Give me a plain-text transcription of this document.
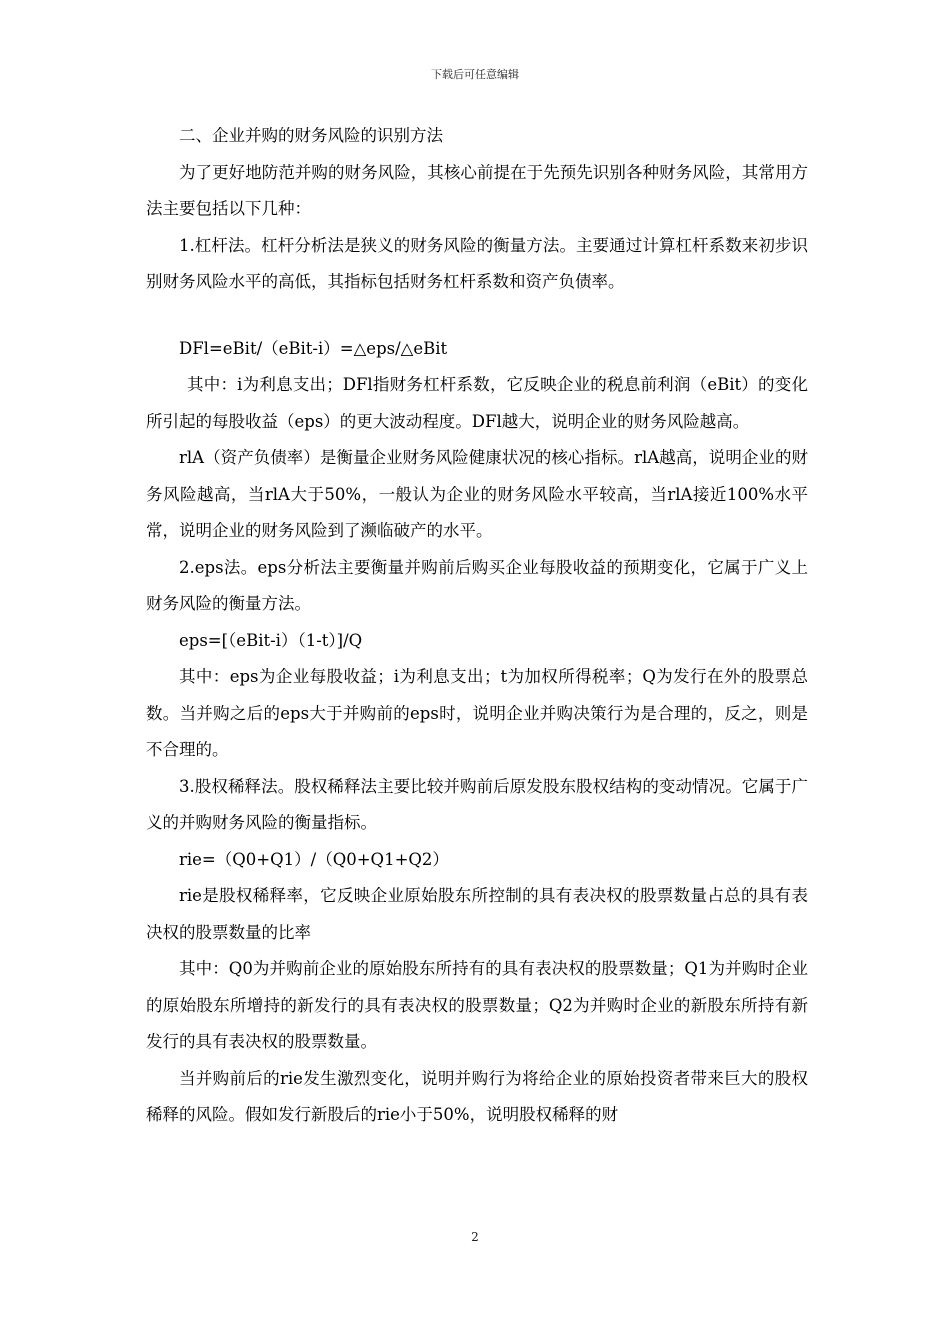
下载后可任意编辑

二、企业并购的财务风险的识别方法

为了更好地防范并购的财务风险，其核心前提在于先预先识别各种财务风险，其常用方法主要包括以下几种：

1.杠杆法。杠杆分析法是狭义的财务风险的衡量方法。主要通过计算杠杆系数来初步识别财务风险水平的高低，其指标包括财务杠杆系数和资产负债率。

DFl=eBit/（eBit-i）=△eps/△eBit

其中：i为利息支出；DFl指财务杠杆系数，它反映企业的税息前利润（eBit）的变化所引起的每股收益（eps）的更大波动程度。DFl越大，说明企业的财务风险越高。

rlA（资产负债率）是衡量企业财务风险健康状况的核心指标。rlA越高，说明企业的财务风险越高，当rlA大于50%，一般认为企业的财务风险水平较高，当rlA接近100%水平常，说明企业的财务风险到了濒临破产的水平。

2.eps法。eps分析法主要衡量并购前后购买企业每股收益的预期变化，它属于广义上财务风险的衡量方法。

eps=[（eBit-i）（1-t）]/Q

其中：eps为企业每股收益；i为利息支出；t为加权所得税率；Q为发行在外的股票总数。当并购之后的eps大于并购前的eps时，说明企业并购决策行为是合理的，反之，则是不合理的。

3.股权稀释法。股权稀释法主要比较并购前后原发股东股权结构的变动情况。它属于广义的并购财务风险的衡量指标。

rie=（Q0+Q1）/（Q0+Q1+Q2）

rie是股权稀释率，它反映企业原始股东所控制的具有表决权的股票数量占总的具有表决权的股票数量的比率

其中：Q0为并购前企业的原始股东所持有的具有表决权的股票数量；Q1为并购时企业的原始股东所增持的新发行的具有表决权的股票数量；Q2为并购时企业的新股东所持有新发行的具有表决权的股票数量。

当并购前后的rie发生激烈变化，说明并购行为将给企业的原始投资者带来巨大的股权稀释的风险。假如发行新股后的rie小于50%，说明股权稀释的财

2
